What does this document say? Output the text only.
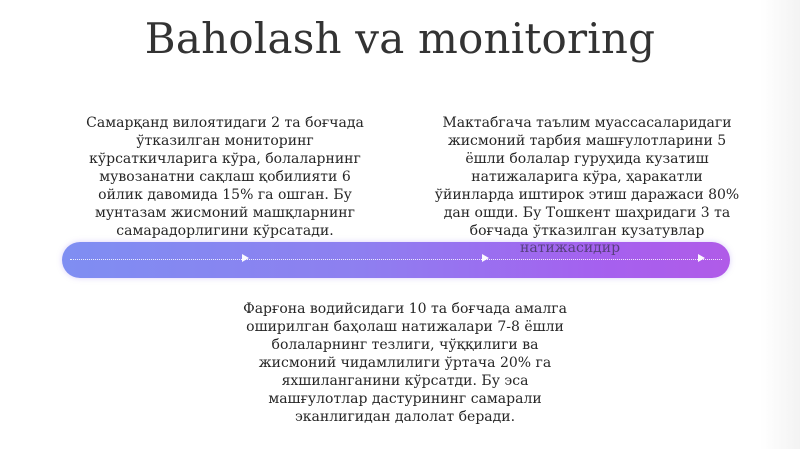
Baholash va monitoring
Самарқанд вилоятидаги 2 та боғчада
ўтказилган мониторинг
кўрсаткичларига кўра, болаларнинг
мувозанатни сақлаш қобилияти 6
ойлик давомида 15% га ошган. Бу
мунтазам жисмоний машқларнинг
самарадорлигини кўрсатади.
Мактабгача таълим муассасаларидаги
жисмоний тарбия машғулотларини 5
ёшли болалар гуруҳида кузатиш
натижаларига кўра, ҳаракатли
ўйинларда иштирок этиш даражаси 80%
дан ошди. Бу Тошкент шаҳридаги 3 та
боғчада ўтказилган кузатувлар
натижасидир
Фарғона водийсидаги 10 та боғчада амалга
оширилган баҳолаш натижалари 7-8 ёшли
болаларнинг тезлиги, чўққилиги ва
жисмоний чидамлилиги ўртача 20% га
яхшиланганини кўрсатди. Бу эса
машғулотлар дастурининг самарали
эканлигидан далолат беради.
